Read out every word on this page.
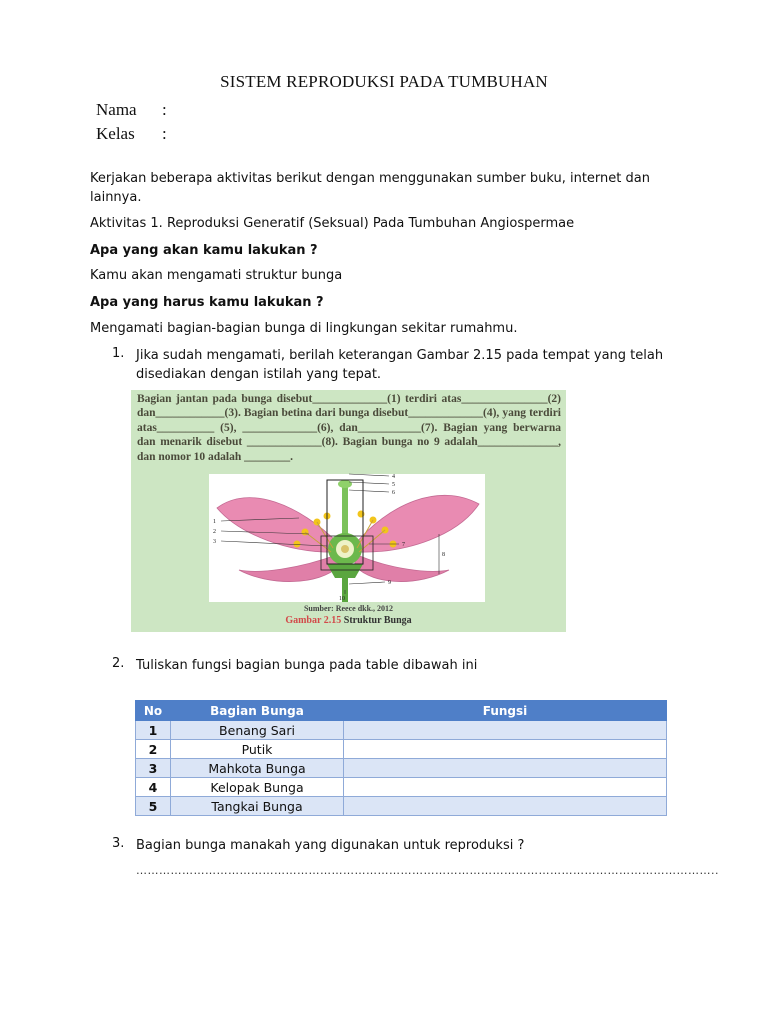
SISTEM REPRODUKSI PADA TUMBUHAN
Nama :
Kelas :
Kerjakan beberapa aktivitas berikut dengan menggunakan sumber buku, internet dan lainnya.
Aktivitas 1. Reproduksi Generatif (Seksual) Pada Tumbuhan Angiospermae
Apa yang akan kamu lakukan ?
Kamu akan mengamati struktur bunga
Apa yang harus kamu lakukan ?
Mengamati bagian-bagian bunga di lingkungan sekitar rumahmu.
1. Jika sudah mengamati, berilah keterangan Gambar 2.15 pada tempat yang telah disediakan dengan istilah yang tepat.
Bagian jantan pada bunga disebut_____________(1) terdiri atas_______________(2) dan____________(3). Bagian betina dari bunga disebut_____________(4), yang terdiri atas__________ (5), _____________(6), dan___________(7). Bagian yang berwarna dan menarik disebut _____________(8). Bagian bunga no 9 adalah______________, dan nomor 10 adalah ________.
1
2
3
4
5
6
7
8
9
10
Sumber: Reece dkk., 2012
Gambar 2.15 Struktur Bunga
2. Tuliskan fungsi bagian bunga pada table dibawah ini
No	Bagian Bunga	Fungsi
1	Benang Sari	
2	Putik	
3	Mahkota Bunga	
4	Kelopak Bunga	
5	Tangkai Bunga	
3. Bagian bunga manakah yang digunakan untuk reproduksi ?
……………………………………………………………………………………………………………………………………..
